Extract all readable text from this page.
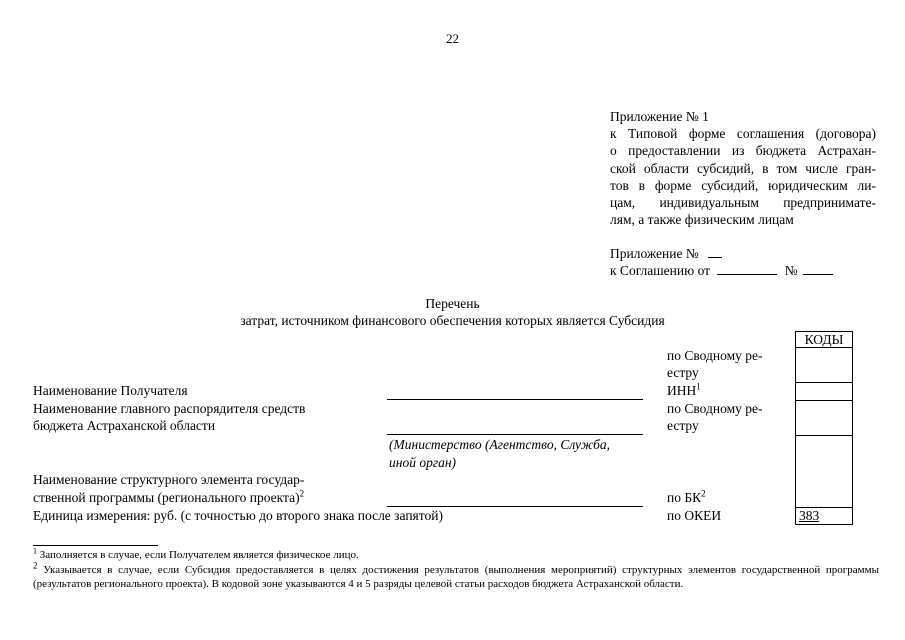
22
Приложение № 1
к Типовой форме соглашения (договора)
о предоставлении из бюджета Астрахан-
ской области субсидий, в том числе гран-
тов в форме субсидий, юридическим ли-
цам, индивидуальным предпринимате-
лям, а также физическим лицам
Приложение №
к Соглашению от	№
Перечень
затрат, источником финансового обеспечения которых является Субсидия
КОДЫ
383
по Сводному ре-
естру
ИНН$^1$
по Сводному ре-
естру
по $БК^2$
по ОКЕИ
Наименование Получателя
Наименование главного распорядителя средств
бюджета Астраханской области
(Министерство (Агентство, Служба,
иной орган)
Наименование структурного элемента государ-
ственной программы (регионального проекта)$^2$
Единица измерения: руб. (с точностью до второго знака после запятой)
$^1$ Заполняется в случае, если Получателем является физическое лицо.
$^2$ Указывается в случае, если Субсидия предоставляется в целях достижения результатов (выполнения мероприятий) структурных элементов государственной программы (результатов регионального проекта). В кодовой зоне указываются 4 и 5 разряды целевой статьи расходов бюджета Астраханской области.
